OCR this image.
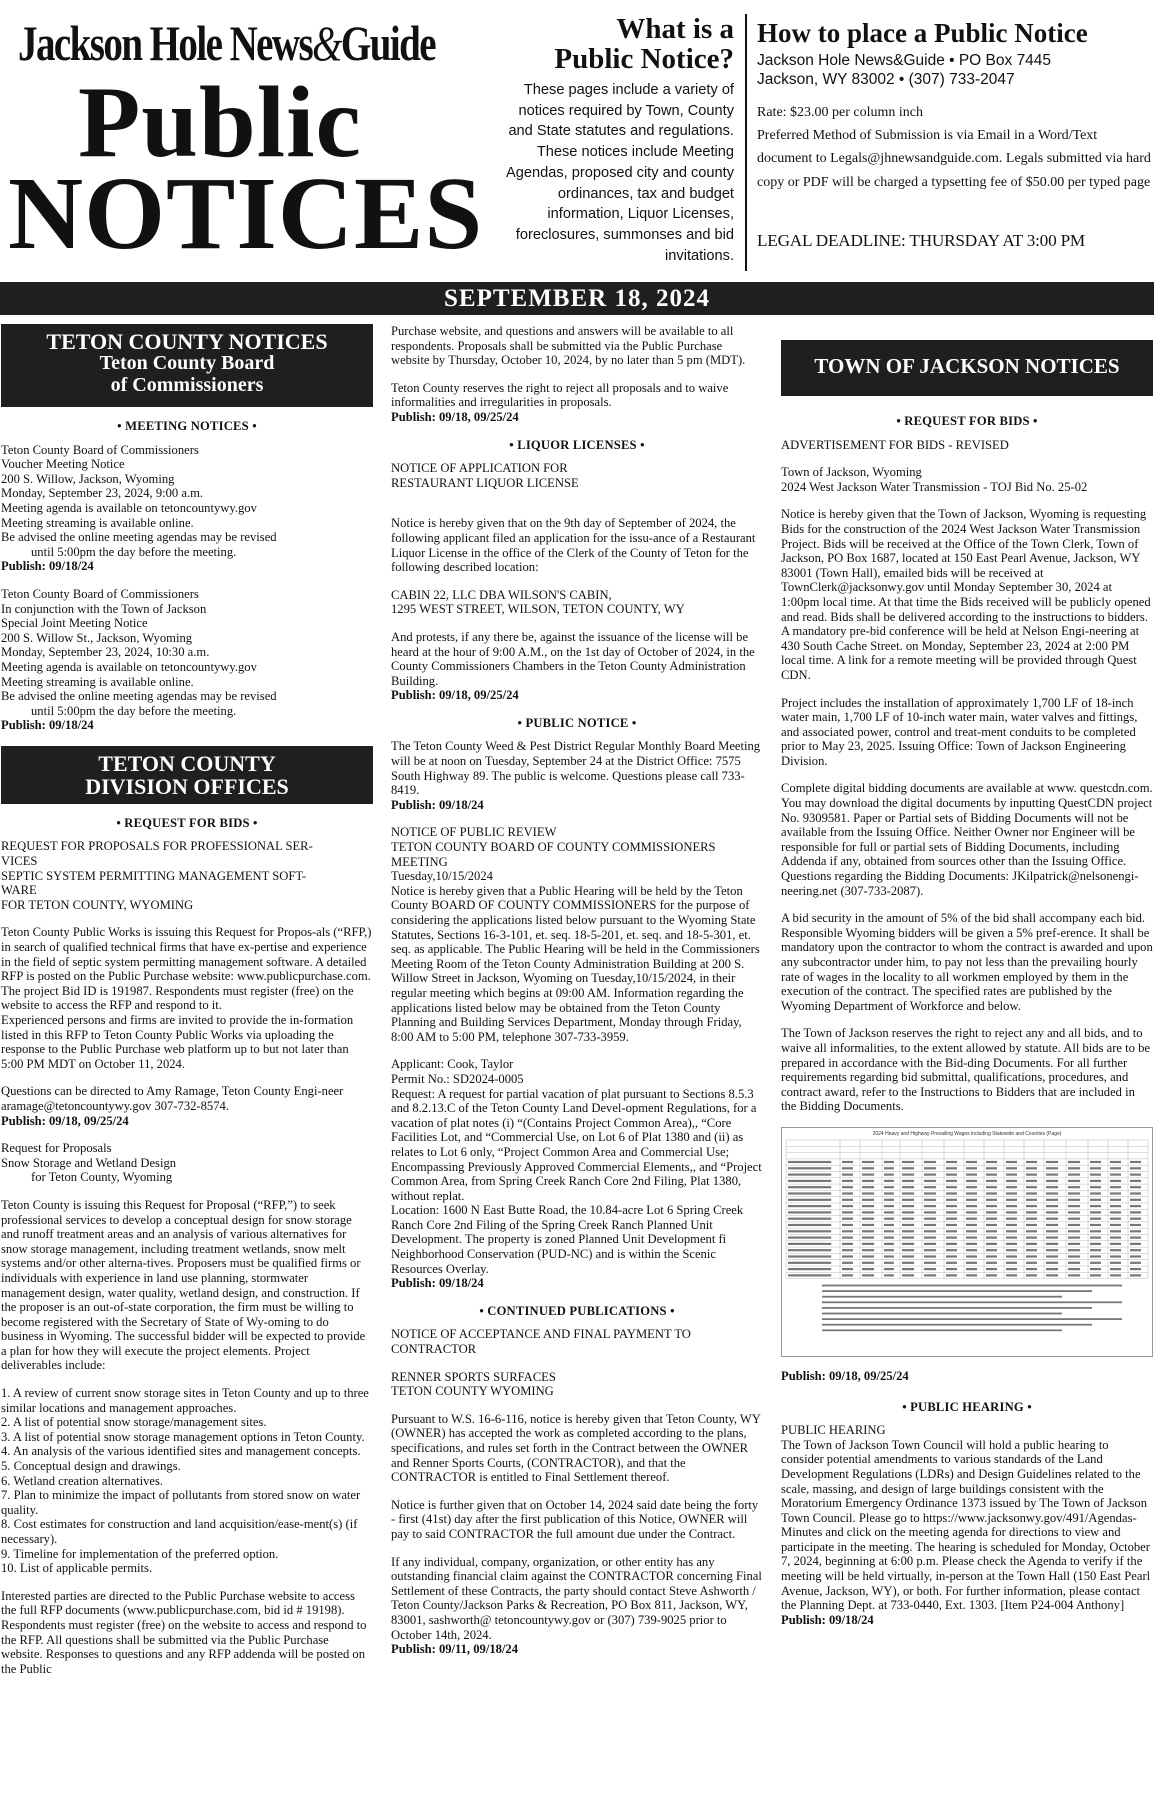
Jackson Hole News&Guide
Public
NOTICES
What is a
Public Notice?
These pages include a variety of notices required by Town, County and State statutes and regulations. These notices include Meeting Agendas, proposed city and county ordinances, tax and budget information, Liquor Licenses, foreclosures, summonses and bid invitations.
How to place a Public Notice
Jackson Hole News&Guide • PO Box 7445
Jackson, WY 83002 • (307) 733-2047
Rate: $23.00 per column inch
Preferred Method of Submission is via Email in a Word/Text document to Legals@jhnewsandguide.com. Legals submitted via hard copy or PDF will be charged a typsetting fee of $50.00 per typed page
LEGAL DEADLINE: THURSDAY AT 3:00 PM
SEPTEMBER 18, 2024
TETON COUNTY NOTICES
Teton County Board
of Commissioners
• MEETING NOTICES •
Teton County Board of Commissioners
Voucher Meeting Notice
200 S. Willow, Jackson, Wyoming
Monday, September 23, 2024, 9:00 a.m.
Meeting agenda is available on tetoncountywy.gov
Meeting streaming is available online.
Be advised the online meeting agendas may be revised
until 5:00pm the day before the meeting.
Publish: 09/18/24
Teton County Board of Commissioners
In conjunction with the Town of Jackson
Special Joint Meeting Notice
200 S. Willow St., Jackson, Wyoming
Monday, September 23, 2024, 10:30 a.m.
Meeting agenda is available on tetoncountywy.gov
Meeting streaming is available online.
Be advised the online meeting agendas may be revised
until 5:00pm the day before the meeting.
Publish: 09/18/24
TETON COUNTY
DIVISION OFFICES
• REQUEST FOR BIDS •
REQUEST FOR PROPOSALS FOR PROFESSIONAL SER-
VICES
SEPTIC SYSTEM PERMITTING MANAGEMENT SOFT-
WARE
FOR TETON COUNTY, WYOMING
Teton County Public Works is issuing this Request for Propos-als (“RFP,) in search of qualified technical firms that have ex-pertise and experience in the field of septic system permitting management software. A detailed RFP is posted on the Public Purchase website: www.publicpurchase.com. The project Bid ID is 191987. Respondents must register (free) on the website to access the RFP and respond to it.
Experienced persons and firms are invited to provide the in-formation listed in this RFP to Teton County Public Works via uploading the response to the Public Purchase web platform up to but not later than 5:00 PM MDT on October 11, 2024.
Questions can be directed to Amy Ramage, Teton County Engi-neer aramage@tetoncountywy.gov 307-732-8574.
Publish: 09/18, 09/25/24
Request for Proposals
Snow Storage and Wetland Design
for Teton County, Wyoming
Teton County is issuing this Request for Proposal (“RFP,”) to seek professional services to develop a conceptual design for snow storage and runoff treatment areas and an analysis of various alternatives for snow storage management, including treatment wetlands, snow melt systems and/or other alterna-tives. Proposers must be qualified firms or individuals with experience in land use planning, stormwater management design, water quality, wetland design, and construction. If the proposer is an out-of-state corporation, the firm must be willing to become registered with the Secretary of State of Wy-oming to do business in Wyoming. The successful bidder will be expected to provide a plan for how they will execute the project elements. Project deliverables include:
1. A review of current snow storage sites in Teton County and up to three similar locations and management approaches.
2. A list of potential snow storage/management sites.
3. A list of potential snow storage management options in Teton County.
4. An analysis of the various identified sites and management concepts.
5. Conceptual design and drawings.
6. Wetland creation alternatives.
7. Plan to minimize the impact of pollutants from stored snow on water quality.
8. Cost estimates for construction and land acquisition/ease-ment(s) (if necessary).
9. Timeline for implementation of the preferred option.
10. List of applicable permits.
Interested parties are directed to the Public Purchase website to access the full RFP documents (www.publicpurchase.com, bid id # 19198). Respondents must register (free) on the website to access and respond to the RFP. All questions shall be submitted via the Public Purchase website. Responses to questions and any RFP addenda will be posted on the Public
Purchase website, and questions and answers will be available to all respondents. Proposals shall be submitted via the Public Purchase website by Thursday, October 10, 2024, by no later than 5 pm (MDT).
Teton County reserves the right to reject all proposals and to waive informalities and irregularities in proposals.
Publish: 09/18, 09/25/24
• LIQUOR LICENSES •
NOTICE OF APPLICATION FOR
RESTAURANT LIQUOR LICENSE
Notice is hereby given that on the 9th day of September of 2024, the following applicant filed an application for the issu-ance of a Restaurant Liquor License in the office of the Clerk of the County of Teton for the following described location:
CABIN 22, LLC DBA WILSON'S CABIN,
1295 WEST STREET, WILSON, TETON COUNTY, WY
And protests, if any there be, against the issuance of the license will be heard at the hour of 9:00 A.M., on the 1st day of October of 2024, in the County Commissioners Chambers in the Teton County Administration Building.
Publish: 09/18, 09/25/24
• PUBLIC NOTICE •
The Teton County Weed & Pest District Regular Monthly Board Meeting will be at noon on Tuesday, September 24 at the District Office: 7575 South Highway 89. The public is welcome. Questions please call 733-8419.
Publish: 09/18/24
NOTICE OF PUBLIC REVIEW
TETON COUNTY BOARD OF COUNTY COMMISSIONERS
MEETING
Tuesday,10/15/2024
Notice is hereby given that a Public Hearing will be held by the Teton County BOARD OF COUNTY COMMISSIONERS for the purpose of considering the applications listed below pursuant to the Wyoming State Statutes, Sections 16-3-101, et. seq. 18-5-201, et. seq. and 18-5-301, et. seq. as applicable. The Public Hearing will be held in the Commissioners Meeting Room of the Teton County Administration Building at 200 S. Willow Street in Jackson, Wyoming on Tuesday,10/15/2024, in their regular meeting which begins at 09:00 AM. Information regarding the applications listed below may be obtained from the Teton County Planning and Building Services Department, Monday through Friday, 8:00 AM to 5:00 PM, telephone 307-733-3959.
Applicant: Cook, Taylor
Permit No.: SD2024-0005
Request: A request for partial vacation of plat pursuant to Sections 8.5.3 and 8.2.13.C of the Teton County Land Devel-opment Regulations, for a vacation of plat notes (i) “(Contains Project Common Area),, “Core Facilities Lot, and “Commercial Use, on Lot 6 of Plat 1380 and (ii) as relates to Lot 6 only, “Project Common Area and Commercial Use; Encompassing Previously Approved Commercial Elements,, and “Project Common Area, from Spring Creek Ranch Core 2nd Filing, Plat 1380, without replat.
Location: 1600 N East Butte Road, the 10.84-acre Lot 6 Spring Creek Ranch Core 2nd Filing of the Spring Creek Ranch Planned Unit Development. The property is zoned Planned Unit Development fi Neighborhood Conservation (PUD-NC) and is within the Scenic Resources Overlay.
Publish: 09/18/24
• CONTINUED PUBLICATIONS •
NOTICE OF ACCEPTANCE AND FINAL PAYMENT TO
CONTRACTOR
RENNER SPORTS SURFACES
TETON COUNTY WYOMING
Pursuant to W.S. 16-6-116, notice is hereby given that Teton County, WY (OWNER) has accepted the work as completed according to the plans, specifications, and rules set forth in the Contract between the OWNER and Renner Sports Courts, (CONTRACTOR), and that the CONTRACTOR is entitled to Final Settlement thereof.
Notice is further given that on October 14, 2024 said date being the forty - first (41st) day after the first publication of this Notice, OWNER will pay to said CONTRACTOR the full amount due under the Contract.
If any individual, company, organization, or other entity has any outstanding financial claim against the CONTRACTOR concerning Final Settlement of these Contracts, the party should contact Steve Ashworth / Teton County/Jackson Parks & Recreation, PO Box 811, Jackson, WY, 83001, sashworth@ tetoncountywy.gov or (307) 739-9025 prior to October 14th, 2024.
Publish: 09/11, 09/18/24
TOWN OF JACKSON NOTICES
• REQUEST FOR BIDS •
ADVERTISEMENT FOR BIDS - REVISED
Town of Jackson, Wyoming
2024 West Jackson Water Transmission - TOJ Bid No. 25-02
Notice is hereby given that the Town of Jackson, Wyoming is requesting Bids for the construction of the 2024 West Jackson Water Transmission Project. Bids will be received at the Office of the Town Clerk, Town of Jackson, PO Box 1687, located at 150 East Pearl Avenue, Jackson, WY 83001 (Town Hall), emailed bids will be received at TownClerk@jacksonwy.gov until Monday September 30, 2024 at 1:00pm local time. At that time the Bids received will be publicly opened and read. Bids shall be delivered according to the instructions to bidders. A mandatory pre-bid conference will be held at Nelson Engi-neering at 430 South Cache Street. on Monday, September 23, 2024 at 2:00 PM local time. A link for a remote meeting will be provided through Quest CDN.
Project includes the installation of approximately 1,700 LF of 18-inch water main, 1,700 LF of 10-inch water main, water valves and fittings, and associated power, control and treat-ment conduits to be completed prior to May 23, 2025. Issuing Office: Town of Jackson Engineering Division.
Complete digital bidding documents are available at www. questcdn.com. You may download the digital documents by inputting QuestCDN project No. 9309581. Paper or Partial sets of Bidding Documents will not be available from the Issuing Office. Neither Owner nor Engineer will be responsible for full or partial sets of Bidding Documents, including Addenda if any, obtained from sources other than the Issuing Office. Questions regarding the Bidding Documents: JKilpatrick@nelsonengi-neering.net (307-733-2087).
A bid security in the amount of 5% of the bid shall accompany each bid. Responsible Wyoming bidders will be given a 5% pref-erence. It shall be mandatory upon the contractor to whom the contract is awarded and upon any subcontractor under him, to pay not less than the prevailing hourly rate of wages in the locality to all workmen employed by them in the execution of the contract. The specified rates are published by the Wyoming Department of Workforce and below.
The Town of Jackson reserves the right to reject any and all bids, and to waive all informalities, to the extent allowed by statute. All bids are to be prepared in accordance with the Bid-ding Documents. For all further requirements regarding bid submittal, qualifications, procedures, and contract award, refer to the Instructions to Bidders that are included in the Bidding Documents.
2024 Heavy and Highway Prevailing Wages including Statewide and Counties (Page)
Publish: 09/18, 09/25/24
• PUBLIC HEARING •
PUBLIC HEARING
The Town of Jackson Town Council will hold a public hearing to consider potential amendments to various standards of the Land Development Regulations (LDRs) and Design Guidelines related to the scale, massing, and design of large buildings consistent with the Moratorium Emergency Ordinance 1373 issued by The Town of Jackson Town Council. Please go to https://www.jacksonwy.gov/491/Agendas-Minutes and click on the meeting agenda for directions to view and participate in the meeting. The hearing is scheduled for Monday, October 7, 2024, beginning at 6:00 p.m. Please check the Agenda to verify if the meeting will be held virtually, in-person at the Town Hall (150 East Pearl Avenue, Jackson, WY), or both. For further information, please contact the Planning Dept. at 733-0440, Ext. 1303. [Item P24-004 Anthony]
Publish: 09/18/24
